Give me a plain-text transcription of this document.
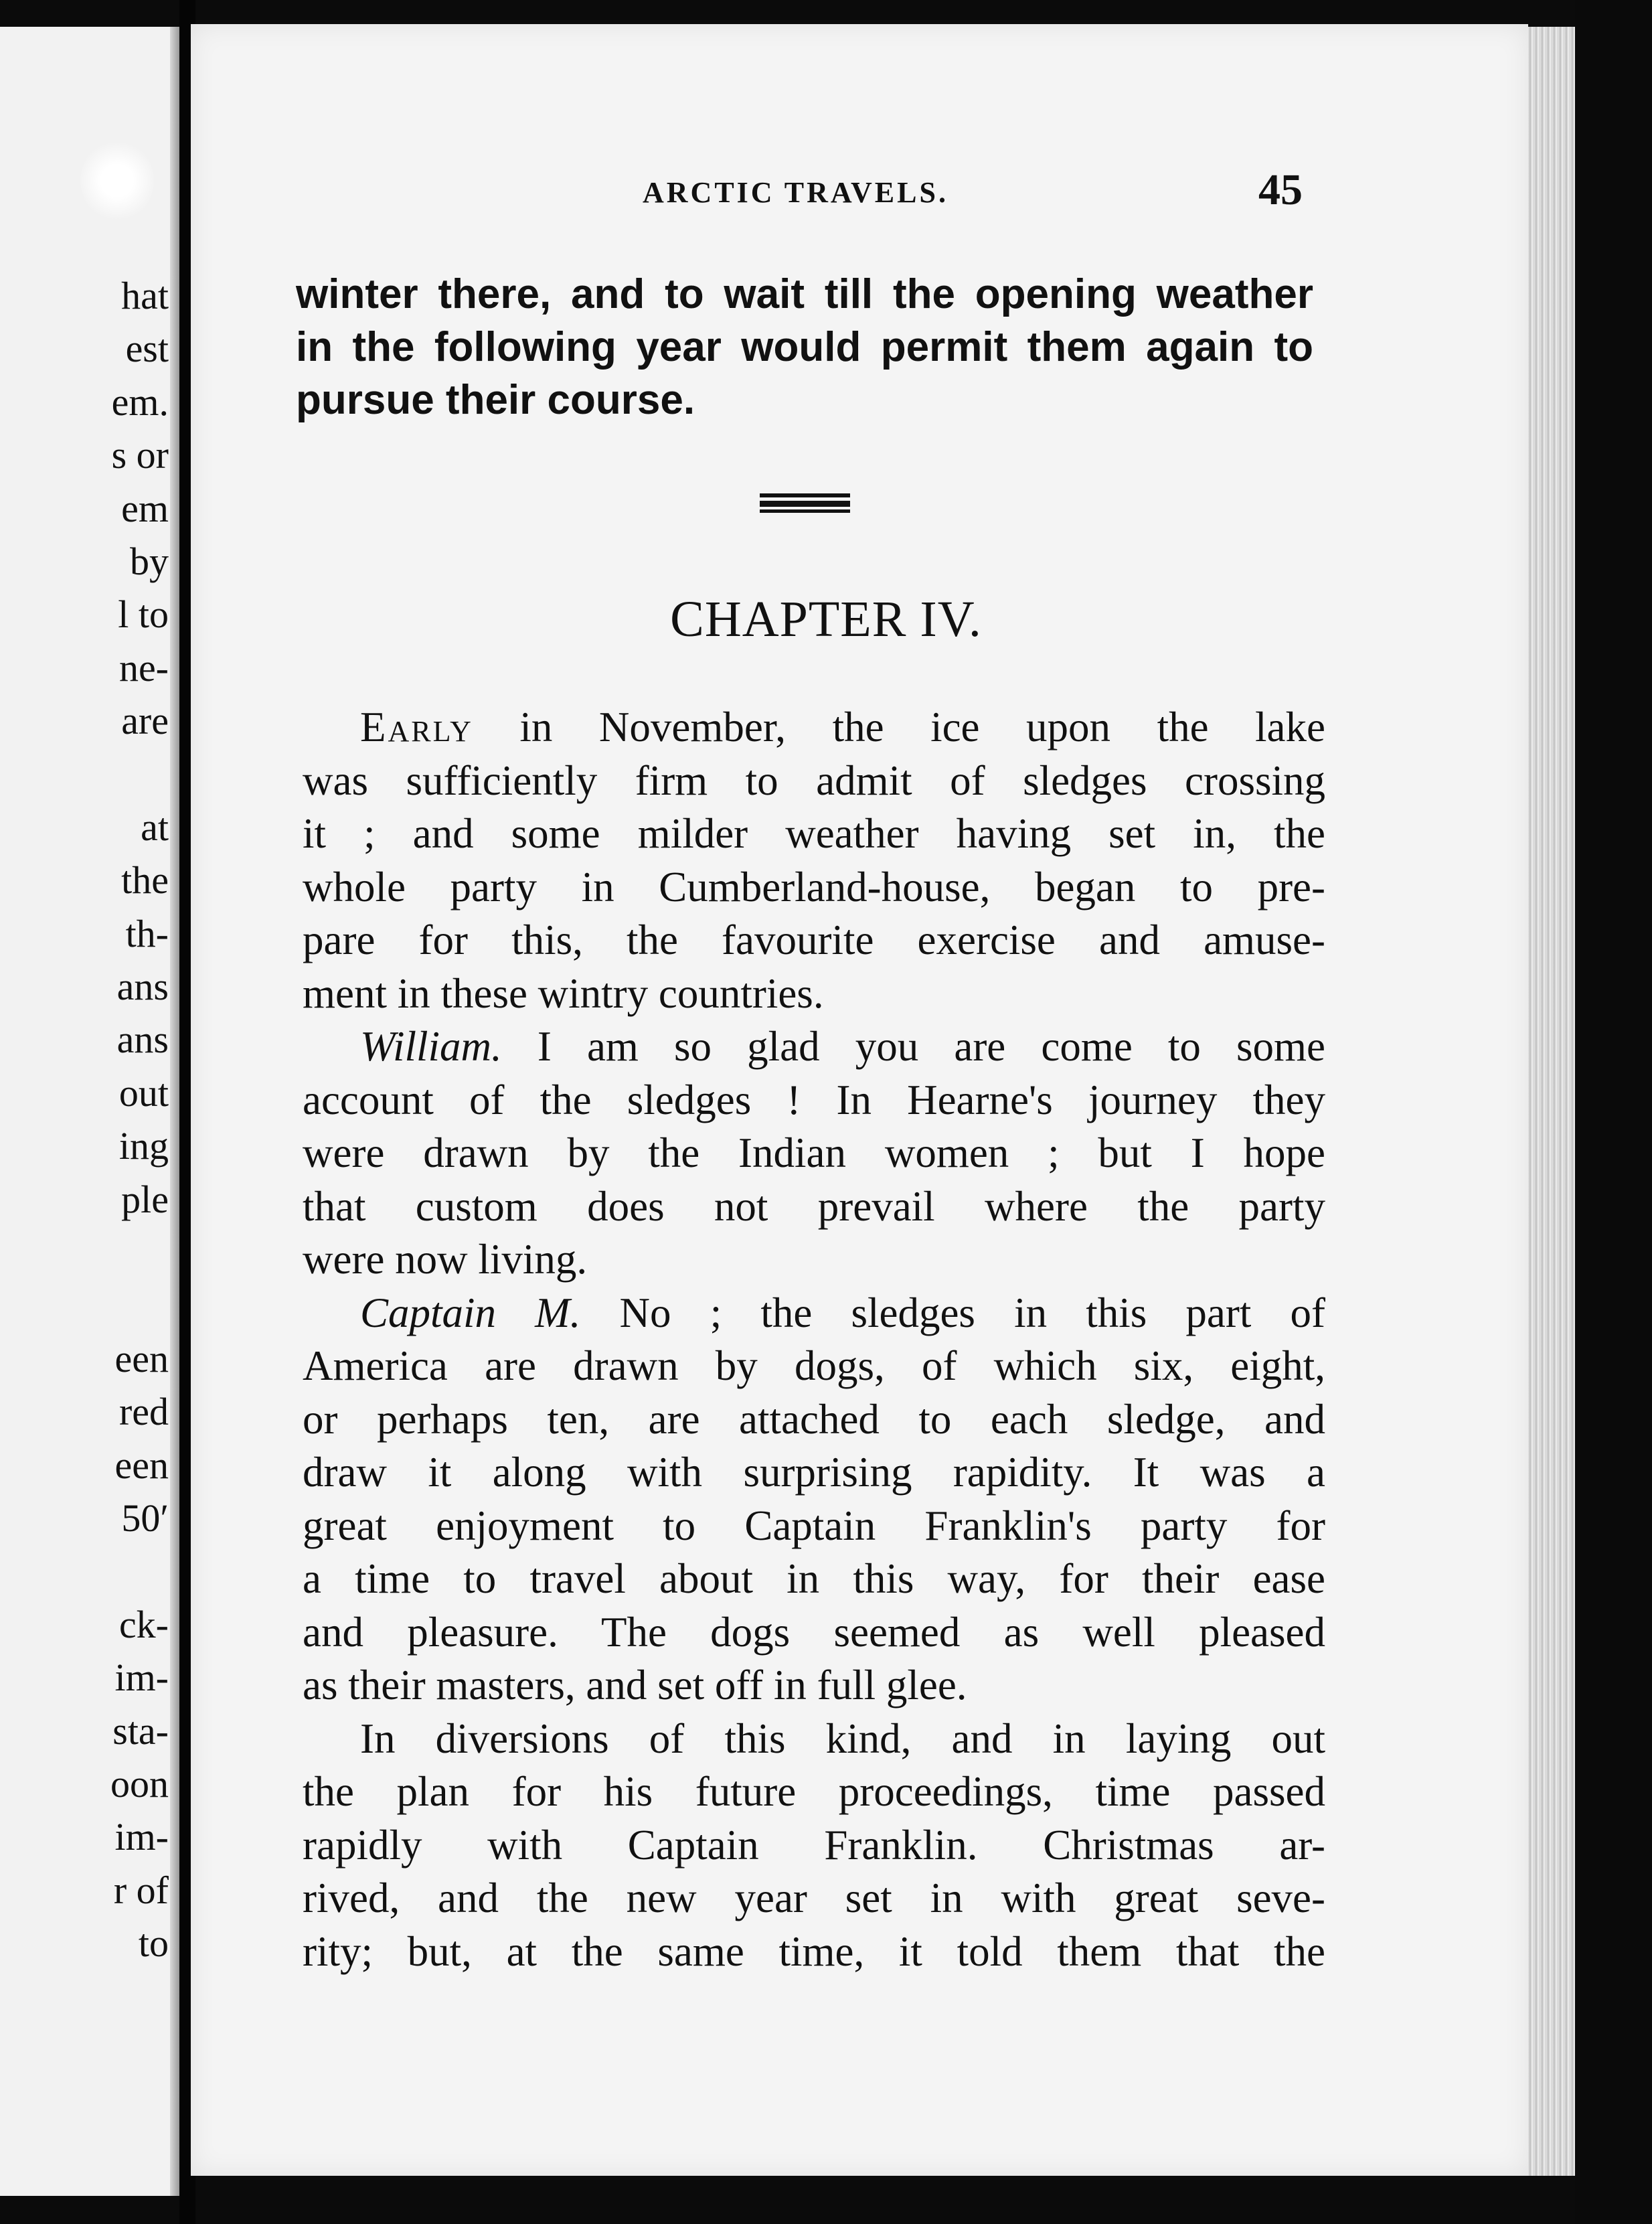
hat
est
em.
s or
em
by
l to
ne-
are
at
the
th-
ans
ans
out
ing
ple
een
red
een
50′
ck-
im-
sta-
oon
im-
r of
to
ARCTIC TRAVELS.	45
winter there, and to wait till the opening weather
in the following year would permit them again to
pursue their course.
CHAPTER IV.
Early in November, the ice upon the lake
was sufficiently firm to admit of sledges crossing
it ; and some milder weather having set in, the
whole party in Cumberland-house, began to pre-
pare for this, the favourite exercise and amuse-
ment in these wintry countries.
William. I am so glad you are come to some
account of the sledges ! In Hearne's journey they
were drawn by the Indian women ; but I hope
that custom does not prevail where the party
were now living.
Captain M. No ; the sledges in this part of
America are drawn by dogs, of which six, eight,
or perhaps ten, are attached to each sledge, and
draw it along with surprising rapidity. It was a
great enjoyment to Captain Franklin's party for
a time to travel about in this way, for their ease
and pleasure. The dogs seemed as well pleased
as their masters, and set off in full glee.
In diversions of this kind, and in laying out
the plan for his future proceedings, time passed
rapidly with Captain Franklin. Christmas ar-
rived, and the new year set in with great seve-
rity; but, at the same time, it told them that the
